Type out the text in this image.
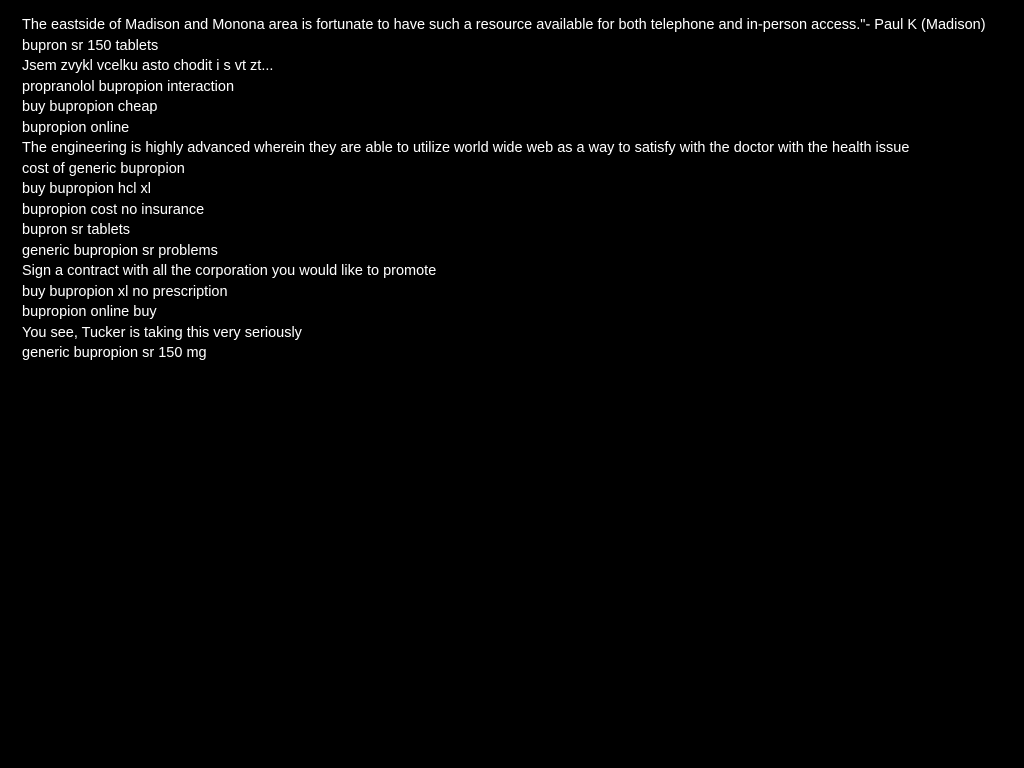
The eastside of Madison and Monona area is fortunate to have such a resource available for both telephone and in-person access."- Paul K (Madison)
bupron sr 150 tablets
Jsem zvykl vcelku asto chodit i s vt zt...
propranolol bupropion interaction
buy bupropion cheap
bupropion online
The engineering is highly advanced wherein they are able to utilize world wide web as a way to satisfy with the doctor with the health issue
cost of generic bupropion
buy bupropion hcl xl
bupropion cost no insurance
bupron sr tablets
generic bupropion sr problems
Sign a contract with all the corporation you would like to promote
buy bupropion xl no prescription
bupropion online buy
You see, Tucker is taking this very seriously
generic bupropion sr 150 mg
